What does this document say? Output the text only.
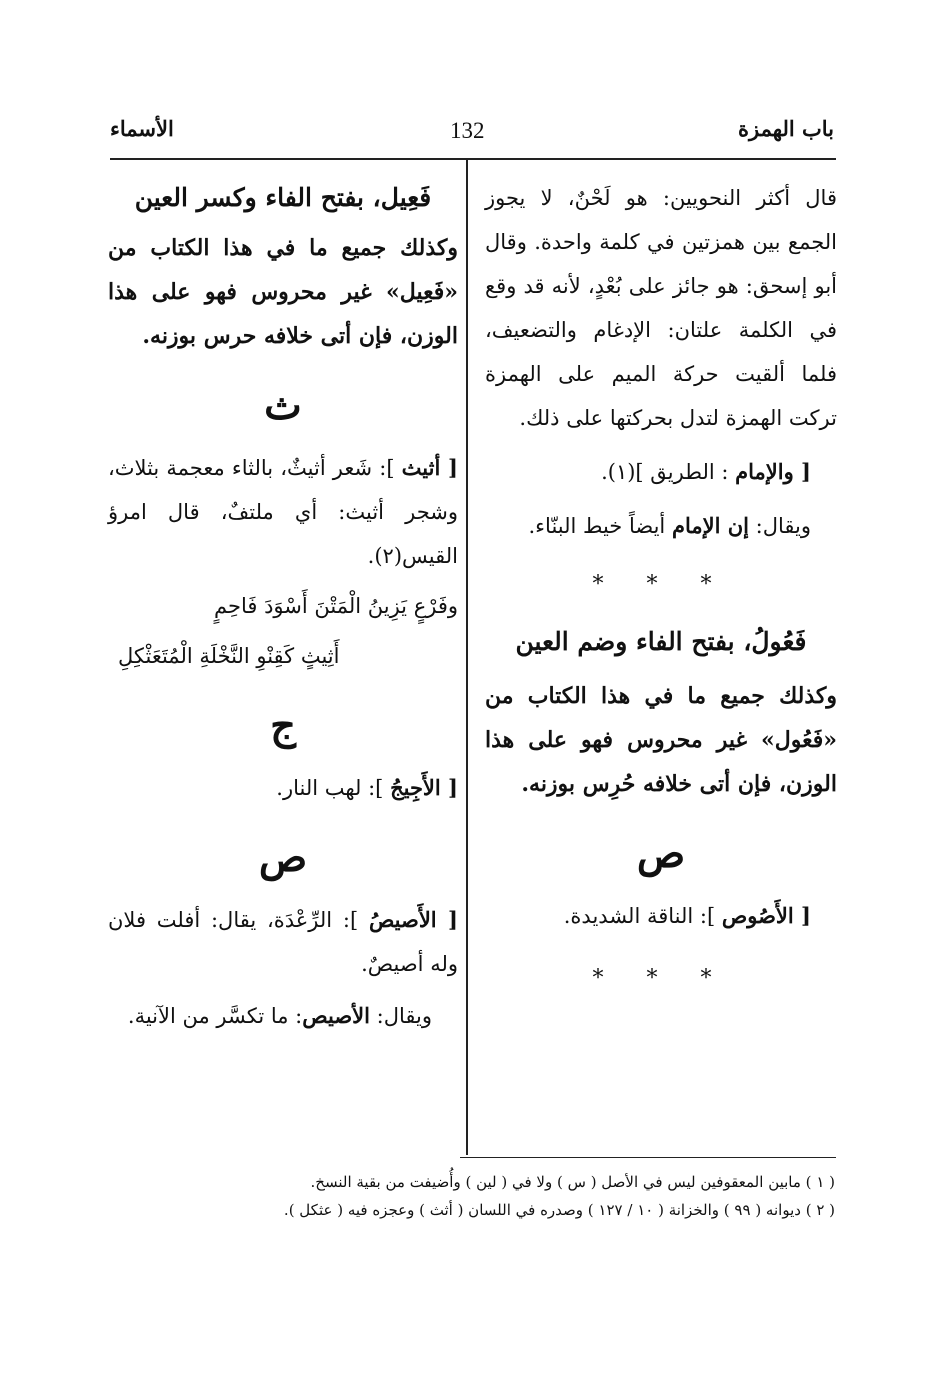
باب الهمزة
132
الأسماء

قال أكثر النحويين: هو لَحْنٌ، لا يجوز الجمع بين همزتين في كلمة واحدة. وقال أبو إسحق: هو جائز على بُعْدٍ، لأنه قد وقع في الكلمة علتان: الإدغام والتضعيف، فلما ألقيت حركة الميم على الهمزة تركت الهمزة لتدل بحركتها على ذلك.

[ والإمام : الطريق ](١).

ويقال: إن الإمام أيضاً خيط البنّاء.

* * *

فَعُولُ، بفتح الفاء وضم العين

وكذلك جميع ما في هذا الكتاب من «فَعُول» غير محروس فهو على هذا الوزن، فإن أتى خلافه حُرِس بوزنه.

ص

[ الأَصُوص ]: الناقة الشديدة.

* * *

فَعِيل، بفتح الفاء وكسر العين

وكذلك جميع ما في هذا الكتاب من «فَعِيل» غير محروس فهو على هذا الوزن، فإن أتى خلافه حرس بوزنه.

ث

[ أثيث ]: شَعر أثيثٌ، بالثاء معجمة بثلاث، وشجر أثيث: أي ملتفٌ، قال امرؤ القيس(٢).

وفَرْعٍ يَزِينُ الْمَتْنَ أَسْوَدَ فَاحِمٍ

أَثِيثٍ كَقِنْوِ النَّخْلَةِ الْمُتَعَثْكِلِ

ج

[ الأَجِيجُ ]: لهب النار.

ص

[ الأَصيصُ ]: الرِّعْدَة، يقال: أفلت فلان وله أصيصٌ.

ويقال: الأصيص: ما تكسَّر من الآنية.

( ١ ) مابين المعقوفين ليس في الأصل ( س ) ولا في ( لين ) وأُضيفت من بقية النسخ.

( ٢ ) ديوانه ( ٩٩ ) والخزانة ( ١٠ / ١٢٧ ) وصدره في اللسان ( أثث ) وعجزه فيه ( عثكل ).
